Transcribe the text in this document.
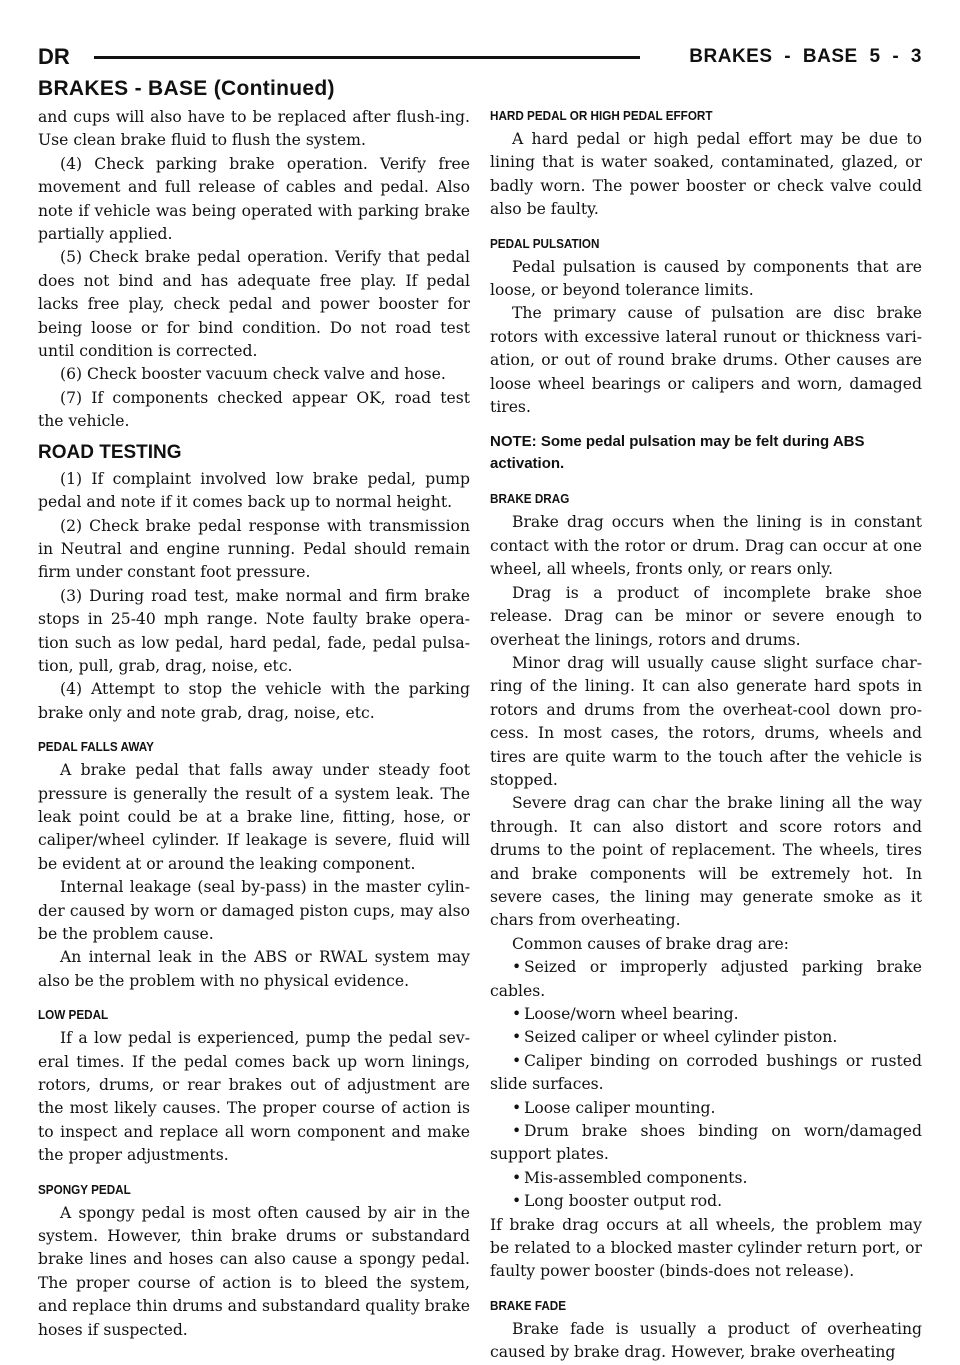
DR	BRAKES - BASE 5 - 3
BRAKES - BASE (Continued)

and cups will also have to be replaced after flush-ing. Use clean brake fluid to flush the system.

(4) Check parking brake operation. Verify free movement and full release of cables and pedal. Also note if vehicle was being operated with parking brake partially applied.

(5) Check brake pedal operation. Verify that pedal does not bind and has adequate free play. If pedal lacks free play, check pedal and power booster for being loose or for bind condition. Do not road test until condition is corrected.

(6) Check booster vacuum check valve and hose.

(7) If components checked appear OK, road test the vehicle.

ROAD TESTING

(1) If complaint involved low brake pedal, pump pedal and note if it comes back up to normal height.

(2) Check brake pedal response with transmission in Neutral and engine running. Pedal should remain firm under constant foot pressure.

(3) During road test, make normal and firm brake stops in 25-40 mph range. Note faulty brake opera-tion such as low pedal, hard pedal, fade, pedal pulsa-tion, pull, grab, drag, noise, etc.

(4) Attempt to stop the vehicle with the parking brake only and note grab, drag, noise, etc.

PEDAL FALLS AWAY

A brake pedal that falls away under steady foot pressure is generally the result of a system leak. The leak point could be at a brake line, fitting, hose, or caliper/wheel cylinder. If leakage is severe, fluid will be evident at or around the leaking component.

Internal leakage (seal by-pass) in the master cylin-der caused by worn or damaged piston cups, may also be the problem cause.

An internal leak in the ABS or RWAL system may also be the problem with no physical evidence.

LOW PEDAL

If a low pedal is experienced, pump the pedal sev-eral times. If the pedal comes back up worn linings, rotors, drums, or rear brakes out of adjustment are the most likely causes. The proper course of action is to inspect and replace all worn component and make the proper adjustments.

SPONGY PEDAL

A spongy pedal is most often caused by air in the system. However, thin brake drums or substandard brake lines and hoses can also cause a spongy pedal. The proper course of action is to bleed the system, and replace thin drums and substandard quality brake hoses if suspected.

HARD PEDAL OR HIGH PEDAL EFFORT

A hard pedal or high pedal effort may be due to lining that is water soaked, contaminated, glazed, or badly worn. The power booster or check valve could also be faulty.

PEDAL PULSATION

Pedal pulsation is caused by components that are loose, or beyond tolerance limits.

The primary cause of pulsation are disc brake rotors with excessive lateral runout or thickness vari-ation, or out of round brake drums. Other causes are loose wheel bearings or calipers and worn, damaged tires.

NOTE: Some pedal pulsation may be felt during ABS activation.

BRAKE DRAG

Brake drag occurs when the lining is in constant contact with the rotor or drum. Drag can occur at one wheel, all wheels, fronts only, or rears only.

Drag is a product of incomplete brake shoe release. Drag can be minor or severe enough to overheat the linings, rotors and drums.

Minor drag will usually cause slight surface char-ring of the lining. It can also generate hard spots in rotors and drums from the overheat-cool down pro-cess. In most cases, the rotors, drums, wheels and tires are quite warm to the touch after the vehicle is stopped.

Severe drag can char the brake lining all the way through. It can also distort and score rotors and drums to the point of replacement. The wheels, tires and brake components will be extremely hot. In severe cases, the lining may generate smoke as it chars from overheating.

Common causes of brake drag are:

• Seized or improperly adjusted parking brake cables.

• Loose/worn wheel bearing.

• Seized caliper or wheel cylinder piston.

• Caliper binding on corroded bushings or rusted slide surfaces.

• Loose caliper mounting.

• Drum brake shoes binding on worn/damaged support plates.

• Mis-assembled components.

• Long booster output rod.

If brake drag occurs at all wheels, the problem may be related to a blocked master cylinder return port, or faulty power booster (binds-does not release).

BRAKE FADE

Brake fade is usually a product of overheating caused by brake drag. However, brake overheating
